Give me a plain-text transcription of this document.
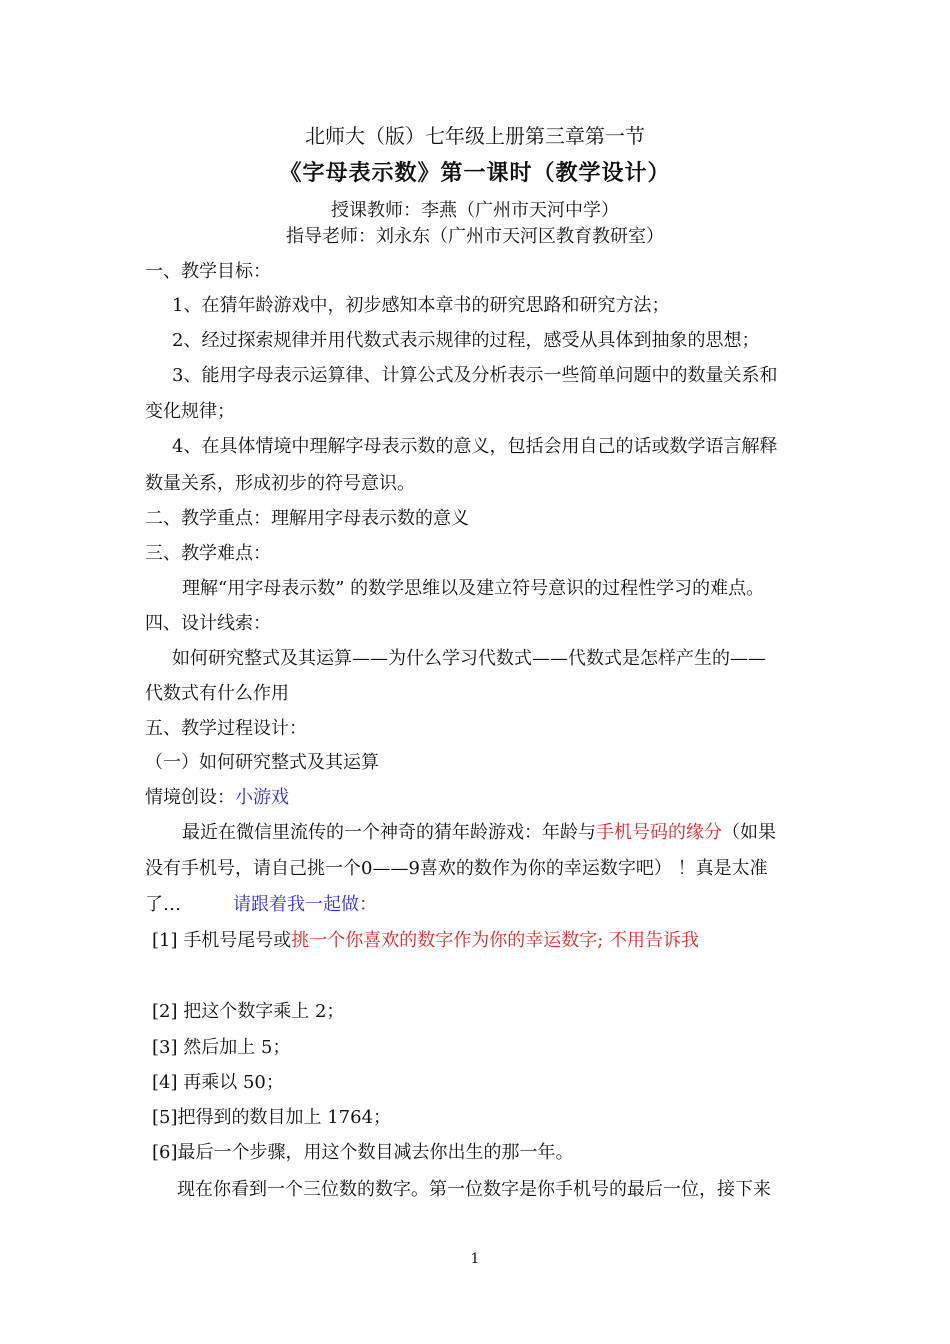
北师大（版）七年级上册第三章第一节
《字母表示数》第一课时（教学设计）
授课教师：李燕（广州市天河中学）
指导老师：刘永东（广州市天河区教育教研室）
一、教学目标：
1、在猜年龄游戏中，初步感知本章书的研究思路和研究方法；
2、经过探索规律并用代数式表示规律的过程，感受从具体到抽象的思想；
3、能用字母表示运算律、计算公式及分析表示一些简单问题中的数量关系和
变化规律；
4、在具体情境中理解字母表示数的意义，包括会用自己的话或数学语言解释
数量关系，形成初步的符号意识。
二、教学重点：理解用字母表示数的意义
三、教学难点：
理解“用字母表示数” 的数学思维以及建立符号意识的过程性学习的难点。
四、设计线索：
如何研究整式及其运算——为什么学习代数式——代数式是怎样产生的——
代数式有什么作用
五、教学过程设计：
（一）如何研究整式及其运算
情境创设：小游戏
最近在微信里流传的一个神奇的猜年龄游戏：年龄与手机号码的缘分（如果
没有手机号，请自己挑一个0——9喜欢的数作为你的幸运数字吧） ！真是太准
了…	请跟着我一起做：
[1] 手机号尾号或挑一个你喜欢的数字作为你的幸运数字; 不用告诉我
[2] 把这个数字乘上 2；
[3] 然后加上 5；
[4] 再乘以 50；
[5]把得到的数目加上 1764；
[6]最后一个步骤，用这个数目减去你出生的那一年。
现在你看到一个三位数的数字。第一位数字是你手机号的最后一位，接下来
1
